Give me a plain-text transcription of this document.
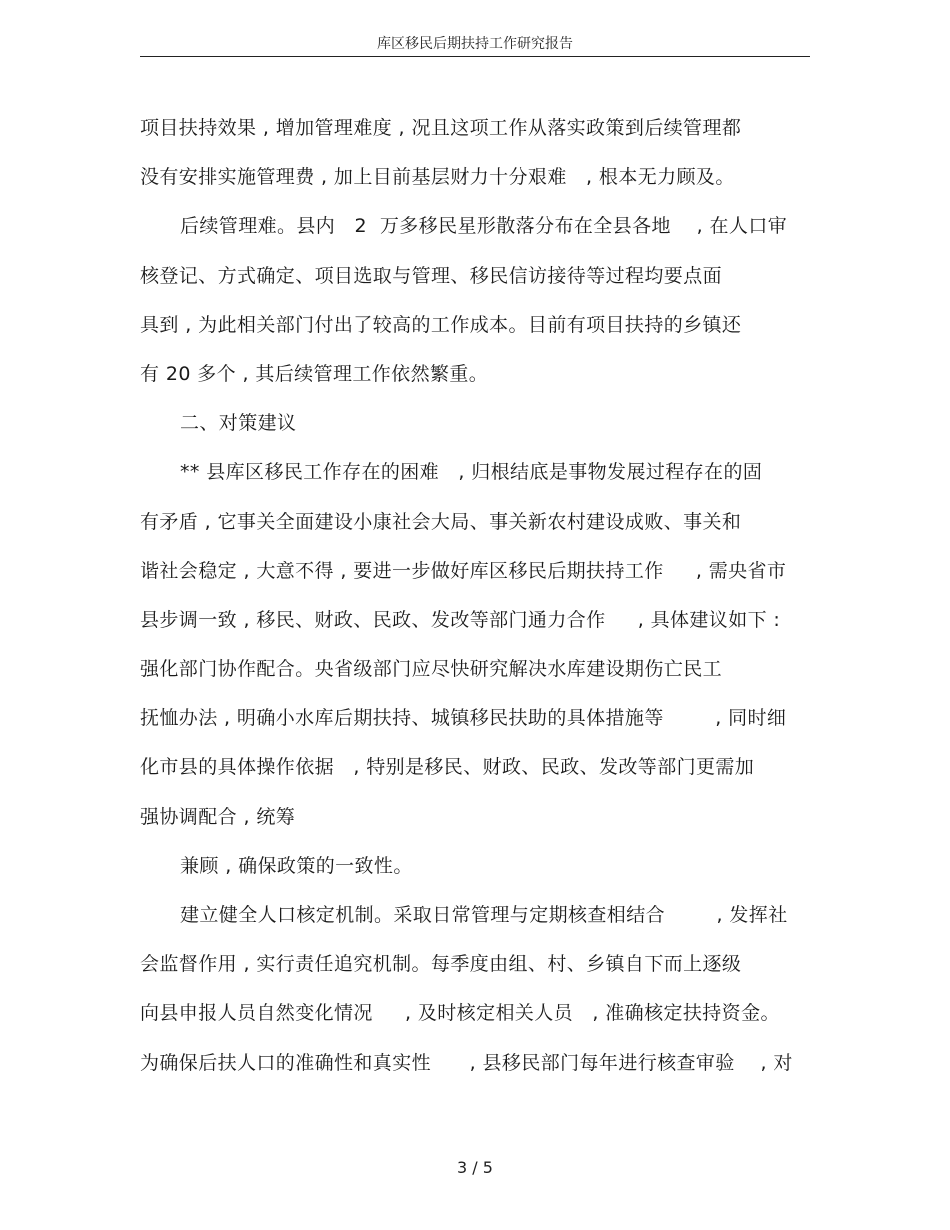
库区移民后期扶持工作研究报告
项目扶持效果 , 增加管理难度 , 况且这项工作从落实政策到后续管理都
没有安排实施管理费 , 加上目前基层财力十分艰难   , 根本无力顾及。
后续管理难。县内   2  万多移民星形散落分布在全县各地    , 在人口审
核登记、方式确定、项目选取与管理、移民信访接待等过程均要点面
具到 , 为此相关部门付出了较高的工作成本。目前有项目扶持的乡镇还
有 20 多个 , 其后续管理工作依然繁重。
二、对策建议
** 县库区移民工作存在的困难   , 归根结底是事物发展过程存在的固
有矛盾 , 它事关全面建设小康社会大局、事关新农村建设成败、事关和
谐社会稳定 , 大意不得 , 要进一步做好库区移民后期扶持工作     , 需央省市
县步调一致 , 移民、财政、民政、发改等部门通力合作     , 具体建议如下 :
强化部门协作配合。央省级部门应尽快研究解决水库建设期伤亡民工
抚恤办法 , 明确小水库后期扶持、城镇移民扶助的具体措施等        , 同时细
化市县的具体操作依据   , 特别是移民、财政、民政、发改等部门更需加
强协调配合 , 统筹
兼顾 , 确保政策的一致性。
建立健全人口核定机制。采取日常管理与定期核查相结合        , 发挥社
会监督作用 , 实行责任追究机制。每季度由组、村、乡镇自下而上逐级
向县申报人员自然变化情况     , 及时核定相关人员   , 准确核定扶持资金。
为确保后扶人口的准确性和真实性      , 县移民部门每年进行核查审验    , 对
3 / 5
